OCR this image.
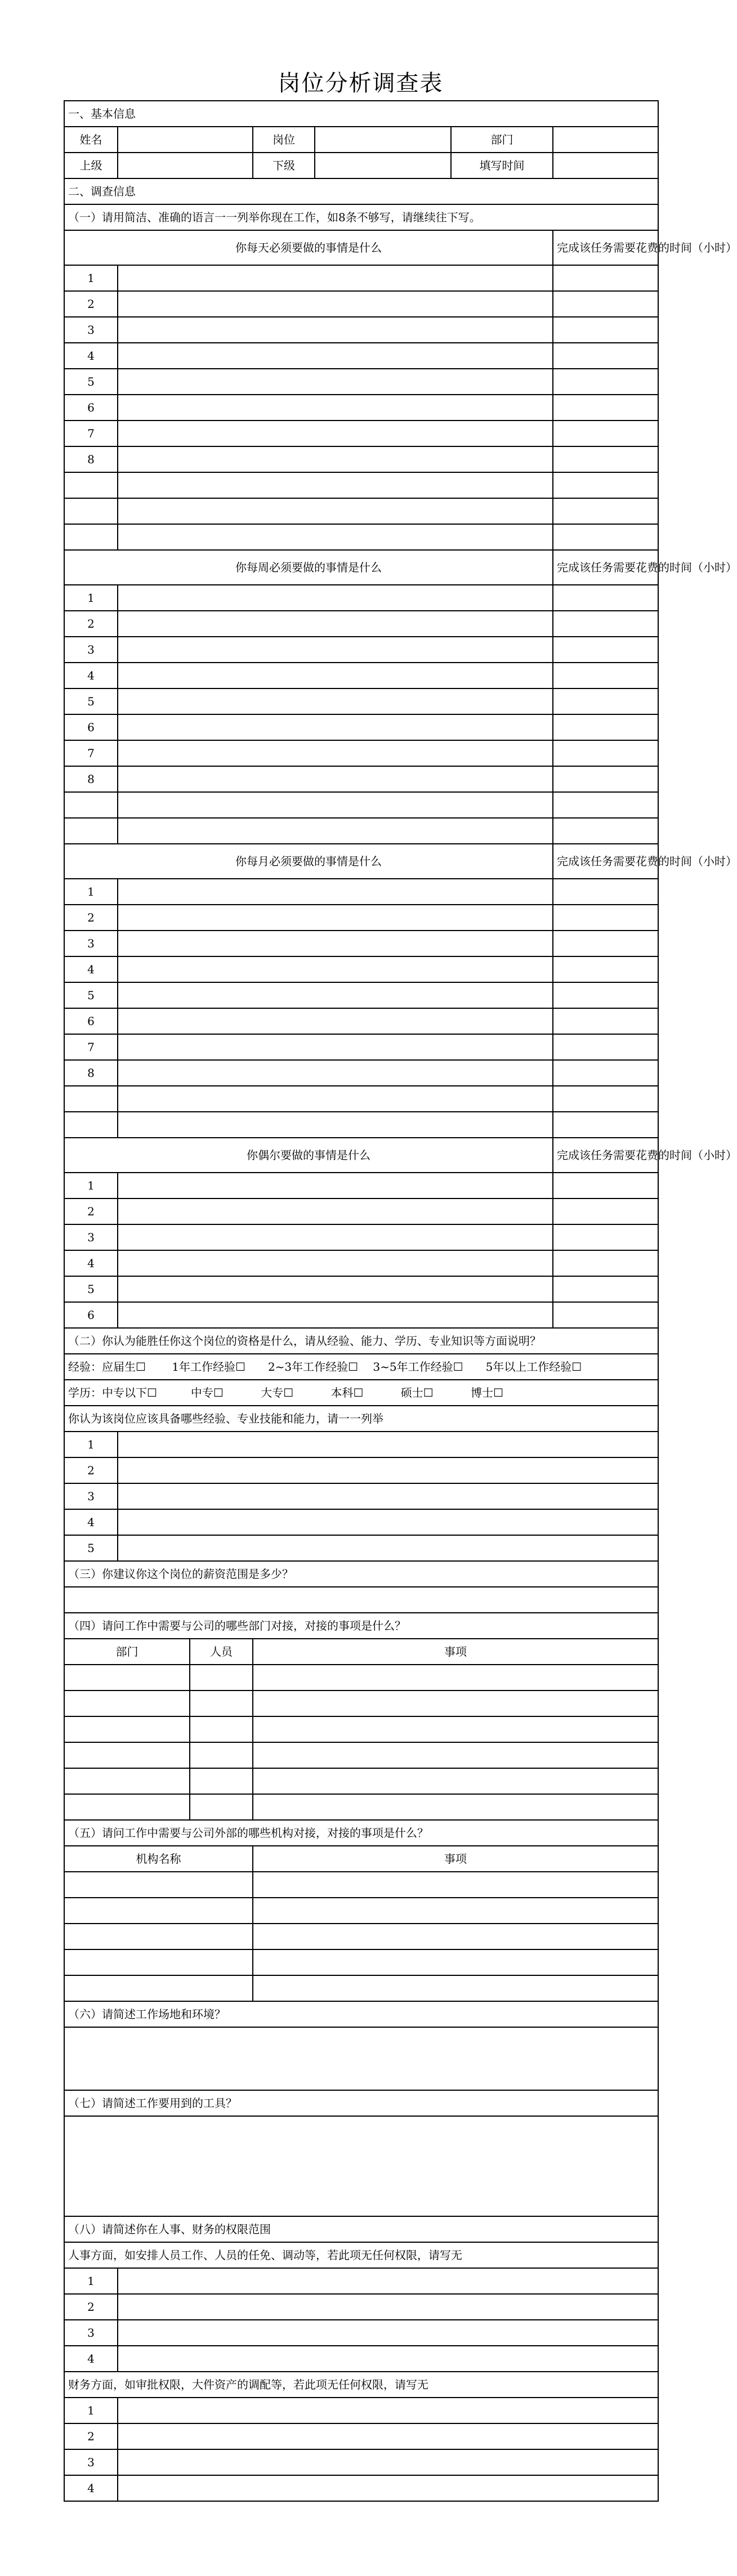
岗位分析调查表
一、基本信息						
姓名			岗位		部门	
上级			下级		填写时间	
二、调查信息						
（一）请用简洁、准确的语言一一列举你现在工作，如8条不够写，请继续往下写。						
你每天必须要做的事情是什么						完成该任务需要花费的时间（小时）
1						
2						
3						
4						
5						
6						
7						
8						

你每周必须要做的事情是什么						完成该任务需要花费的时间（小时）
1						
2						
3						
4						
5						
6						
7						
8						

你每月必须要做的事情是什么						完成该任务需要花费的时间（小时）
1						
2						
3						
4						
5						
6						
7						
8						

你偶尔要做的事情是什么						完成该任务需要花费的时间（小时）
1						
2						
3						
4						
5						
6						
（二）你认为能胜任你这个岗位的资格是什么，请从经验、能力、学历、专业知识等方面说明？						
经验：应届生☐　　 1年工作经验☐　　2~3年工作经验☐　 3~5年工作经验☐　　5年以上工作经验☐						
学历：中专以下☐　　　中专☐　　　 大专☐　　　 本科☐　　　 硕士☐　　　 博士☐						
你认为该岗位应该具备哪些经验、专业技能和能力，请一一列举						
1						
2						
3						
4						
5						
（三）你建议你这个岗位的薪资范围是多少？						

（四）请问工作中需要与公司的哪些部门对接，对接的事项是什么？						
部门		人员	事项			

（五）请问工作中需要与公司外部的哪些机构对接，对接的事项是什么？						
机构名称			事项			

（六）请简述工作场地和环境？						

（七）请简述工作要用到的工具？						

（八）请简述你在人事、财务的权限范围						
人事方面，如安排人员工作、人员的任免、调动等，若此项无任何权限，请写无						
1						
2						
3						
4						
财务方面，如审批权限，大件资产的调配等，若此项无任何权限，请写无						
1						
2						
3						
4						
